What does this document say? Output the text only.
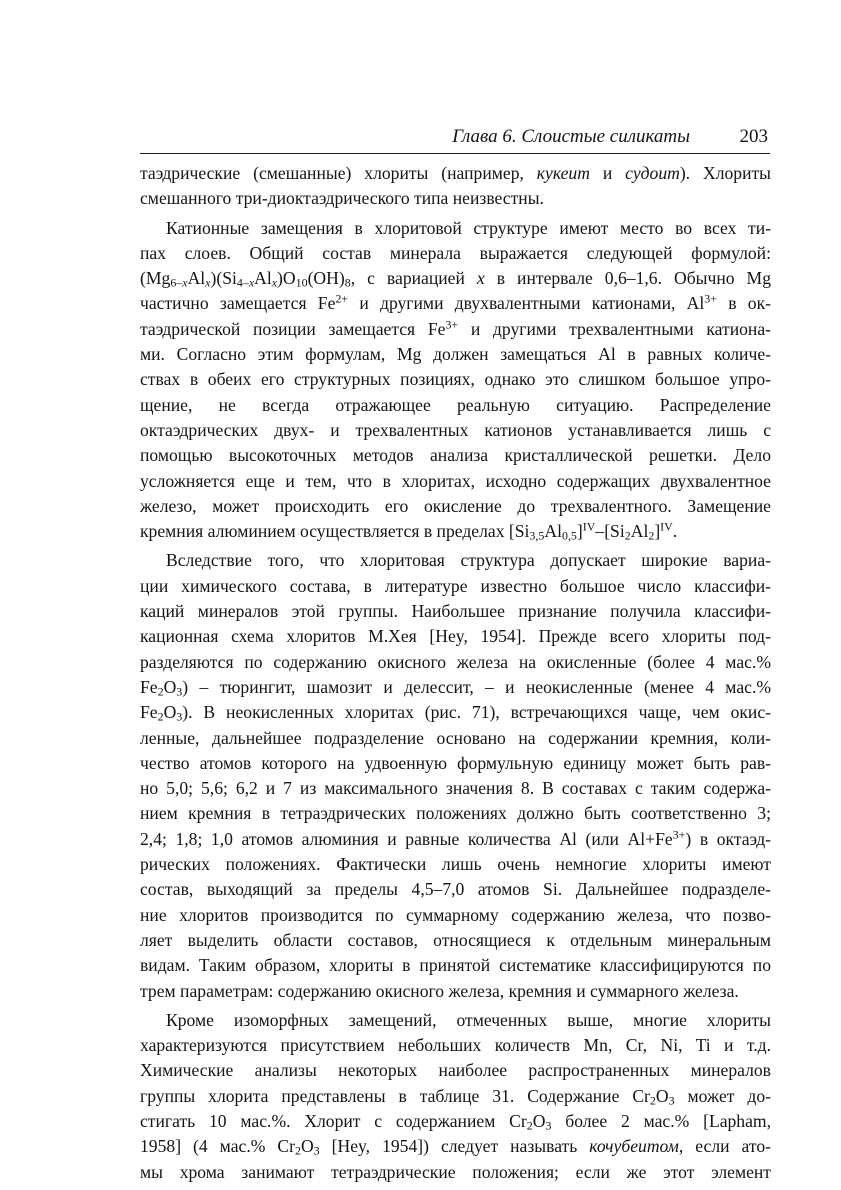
Глава 6. Слоистые силикаты	203
таэдрические (смешанные) хлориты (например, кукеит и судоит). Хлориты
смешанного три-диоктаэдрического типа неизвестны.
Катионные замещения в хлоритовой структуре имеют место во всех ти-
пах слоев. Общий состав минерала выражается следующей формулой:
$(Mg_{6-x}Al_x)(Si_{4-x}Al_x)O_{10}(OH)_8$, с вариацией x в интервале 0,6–1,6. Обычно Mg
частично замещается $Fe^{2+}$ и другими двухвалентными катионами, $Al^{3+}$ в ок-
таэдрической позиции замещается $Fe^{3+}$ и другими трехвалентными катиона-
ми. Согласно этим формулам, Mg должен замещаться Al в равных количе-
ствах в обеих его структурных позициях, однако это слишком большое упро-
щение, не всегда отражающее реальную ситуацию. Распределение
октаэдрических двух- и трехвалентных катионов устанавливается лишь с
помощью высокоточных методов анализа кристаллической решетки. Дело
усложняется еще и тем, что в хлоритах, исходно содержащих двухвалентное
железо, может происходить его окисление до трехвалентного. Замещение
кремния алюминием осуществляется в пределах $[Si_{3,5}Al_{0,5}]^{IV}-[Si_2Al_2]^{IV}$.
Вследствие того, что хлоритовая структура допускает широкие вариа-
ции химического состава, в литературе известно большое число классифи-
каций минералов этой группы. Наибольшее признание получила классифи-
кационная схема хлоритов М.Хея [Hey, 1954]. Прежде всего хлориты под-
разделяются по содержанию окисного железа на окисленные (более 4 мас.%
$Fe_2O_3$) – тюрингит, шамозит и делессит, – и неокисленные (менее 4 мас.%
$Fe_2O_3$). В неокисленных хлоритах (рис. 71), встречающихся чаще, чем окис-
ленные, дальнейшее подразделение основано на содержании кремния, коли-
чество атомов которого на удвоенную формульную единицу может быть рав-
но 5,0; 5,6; 6,2 и 7 из максимального значения 8. В составах с таким содержа-
нием кремния в тетраэдрических положениях должно быть соответственно 3;
2,4; 1,8; 1,0 атомов алюминия и равные количества Al (или $Al+Fe^{3+}$) в октаэд-
рических положениях. Фактически лишь очень немногие хлориты имеют
состав, выходящий за пределы 4,5–7,0 атомов Si. Дальнейшее подразделе-
ние хлоритов производится по суммарному содержанию железа, что позво-
ляет выделить области составов, относящиеся к отдельным минеральным
видам. Таким образом, хлориты в принятой систематике классифицируются по
трем параметрам: содержанию окисного железа, кремния и суммарного железа.
Кроме изоморфных замещений, отмеченных выше, многие хлориты
характеризуются присутствием небольших количеств Mn, Cr, Ni, Ti и т.д.
Химические анализы некоторых наиболее распространенных минералов
группы хлорита представлены в таблице 31. Содержание $Cr_2O_3$ может до-
стигать 10 мас.%. Хлорит с содержанием $Cr_2O_3$ более 2 мас.% [Lapham,
1958] (4 мас.% $Cr_2O_3$ [Hey, 1954]) следует называть кочубеитом, если ато-
мы хрома занимают тетраэдрические положения; если же этот элемент
